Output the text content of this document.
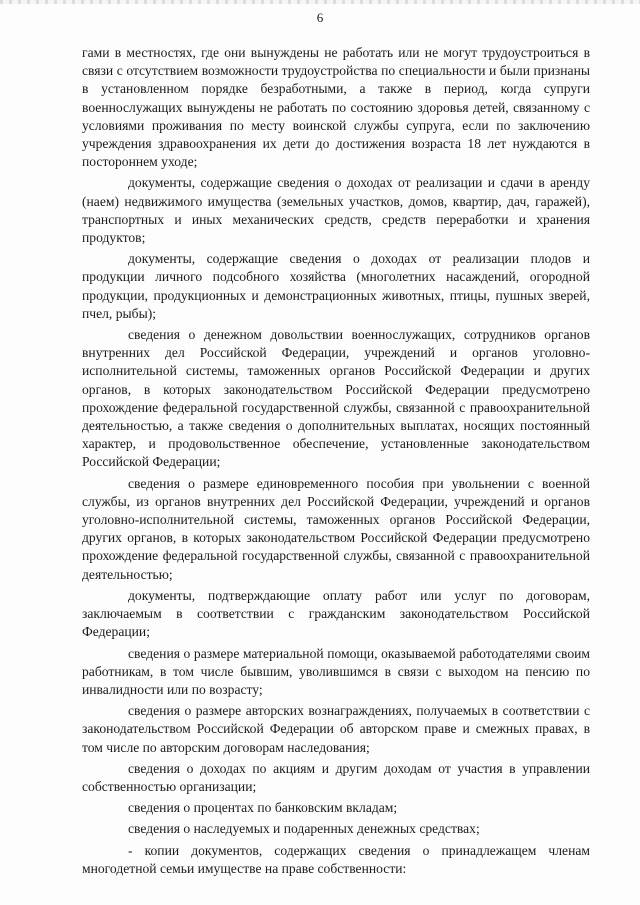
6

гами в местностях, где они вынуждены не работать или не могут трудоустроиться в связи с отсутствием возможности трудоустройства по специальности и были признаны в установленном порядке безработными, а также в период, когда супруги военнослужащих вынуждены не работать по состоянию здоровья детей, связанному с условиями проживания по месту воинской службы супруга, если по заключению учреждения здравоохранения их дети до достижения возраста 18 лет нуждаются в постороннем уходе;

документы, содержащие сведения о доходах от реализации и сдачи в аренду (наем) недвижимого имущества (земельных участков, домов, квартир, дач, гаражей), транспортных и иных механических средств, средств переработки и хранения продуктов;

документы, содержащие сведения о доходах от реализации плодов и продукции личного подсобного хозяйства (многолетних насаждений, огородной продукции, продукционных и демонстрационных животных, птицы, пушных зверей, пчел, рыбы);

сведения о денежном довольствии военнослужащих, сотрудников органов внутренних дел Российской Федерации, учреждений и органов уголовно-исполнительной системы, таможенных органов Российской Федерации и других органов, в которых законодательством Российской Федерации предусмотрено прохождение федеральной государственной службы, связанной с правоохранительной деятельностью, а также сведения о дополнительных выплатах, носящих постоянный характер, и продовольственное обеспечение, установленные законодательством Российской Федерации;

сведения о размере единовременного пособия при увольнении с военной службы, из органов внутренних дел Российской Федерации, учреждений и органов уголовно-исполнительной системы, таможенных органов Российской Федерации, других органов, в которых законодательством Российской Федерации предусмотрено прохождение федеральной государственной службы, связанной с правоохранительной деятельностью;

документы, подтверждающие оплату работ или услуг по договорам, заключаемым в соответствии с гражданским законодательством Российской Федерации;

сведения о размере материальной помощи, оказываемой работодателями своим работникам, в том числе бывшим, уволившимся в связи с выходом на пенсию по инвалидности или по возрасту;

сведения о размере авторских вознаграждениях, получаемых в соответствии с законодательством Российской Федерации об авторском праве и смежных правах, в том числе по авторским договорам наследования;

сведения о доходах по акциям и другим доходам от участия в управлении собственностью организации;

сведения о процентах по банковским вкладам;

сведения о наследуемых и подаренных денежных средствах;

- копии документов, содержащих сведения о принадлежащем членам многодетной семьи имуществе на праве собственности:
